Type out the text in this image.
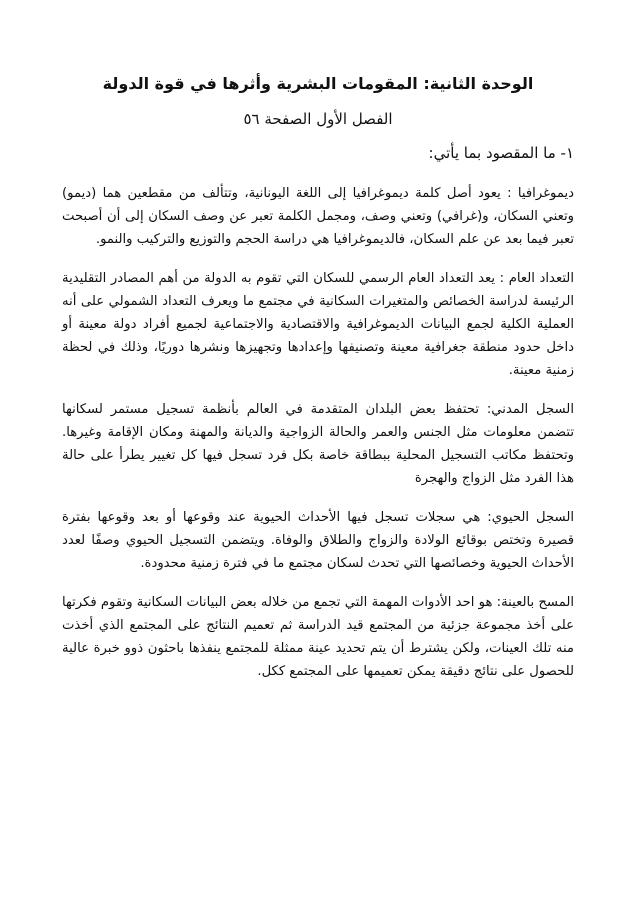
الوحدة الثانية: المقومات البشرية وأثرها في قوة الدولة
الفصل الأول الصفحة ٥٦
١- ما المقصود بما يأتي:

ديموغرافيا : يعود أصل كلمة ديموغرافيا إلى اللغة اليونانية، وتتألف من مقطعين هما (ديمو) وتعني السكان، و(غرافي) وتعني وصف، ومجمل الكلمة تعبر عن وصف السكان إلى أن أصبحت تعبر فيما بعد عن علم السكان، فالديموغرافيا هي دراسة الحجم والتوزيع والتركيب والنمو.

التعداد العام : يعد التعداد العام الرسمي للسكان التي تقوم به الدولة من أهم المصادر التقليدية الرئيسة لدراسة الخصائص والمتغيرات السكانية في مجتمع ما ويعرف التعداد الشمولي على أنه العملية الكلية لجمع البيانات الديموغرافية والاقتصادية والاجتماعية لجميع أفراد دولة معينة أو داخل حدود منطقة جغرافية معينة وتصنيفها وإعدادها وتجهيزها ونشرها دوريًا، وذلك في لحظة زمنية معينة.

السجل المدني: تحتفظ بعض البلدان المتقدمة في العالم بأنظمة تسجيل مستمر لسكانها تتضمن معلومات مثل الجنس والعمر والحالة الزواجية والديانة والمهنة ومكان الإقامة وغيرها. وتحتفظ مكاتب التسجيل المحلية ببطاقة خاصة بكل فرد تسجل فيها كل تغيير يطرأ على حالة هذا الفرد مثل الزواج والهجرة

السجل الحيوي: هي سجلات تسجل فيها الأحداث الحيوية عند وقوعها أو بعد وقوعها بفترة قصيرة وتختص بوقائع الولادة والزواج والطلاق والوفاة. ويتضمن التسجيل الحيوي وصفًا لعدد الأحداث الحيوية وخصائصها التي تحدث لسكان مجتمع ما في فترة زمنية محدودة.

المسح بالعينة: هو احد الأدوات المهمة التي تجمع من خلاله بعض البيانات السكانية وتقوم فكرتها على أخذ مجموعة جزئية من المجتمع قيد الدراسة ثم تعميم النتائج على المجتمع الذي أخذت منه تلك العينات، ولكن يشترط أن يتم تحديد عينة ممثلة للمجتمع ينفذها باحثون ذوو خبرة عالية للحصول على نتائج دقيقة يمكن تعميمها على المجتمع ككل.
